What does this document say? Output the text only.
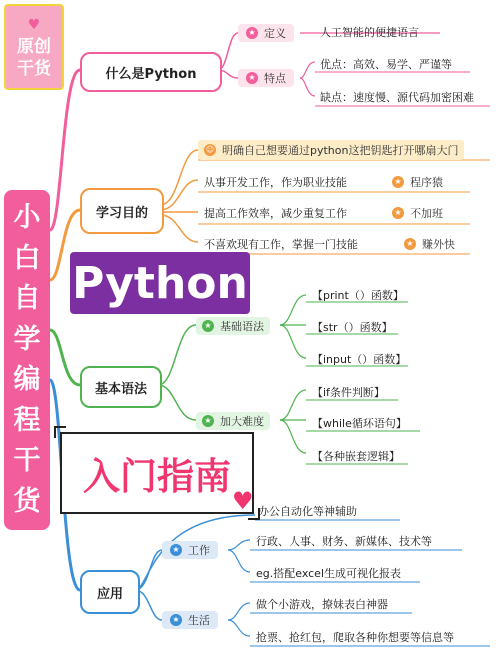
♥
原创
干货
小
白
自
学
编
程
干
货
什么是Python
★ 定义	人工智能的便捷语言
★ 特点
优点：高效、易学、严谨等
缺点：速度慢、源代码加密困难
学习目的
☺ 明确自己想要通过python这把钥匙打开哪扇大门
从事开发工作，作为职业技能	★ 程序猿
提高工作效率，减少重复工作	★ 不加班
不喜欢现有工作，掌握一门技能	★ 赚外快
Python
基本语法
★ 基础语法
【print（）函数】
【str（）函数】
【input（）函数】
★ 加大难度
【if条件判断】
【while循环语句】
【各种嵌套逻辑】
入门指南
♥
应用
办公自动化等神辅助
★ 工作
行政、人事、财务、新媒体、技术等
eg.搭配excel生成可视化报表
★ 生活
做个小游戏，撩妹表白神器
抢票、抢红包，爬取各种你想要等信息等
